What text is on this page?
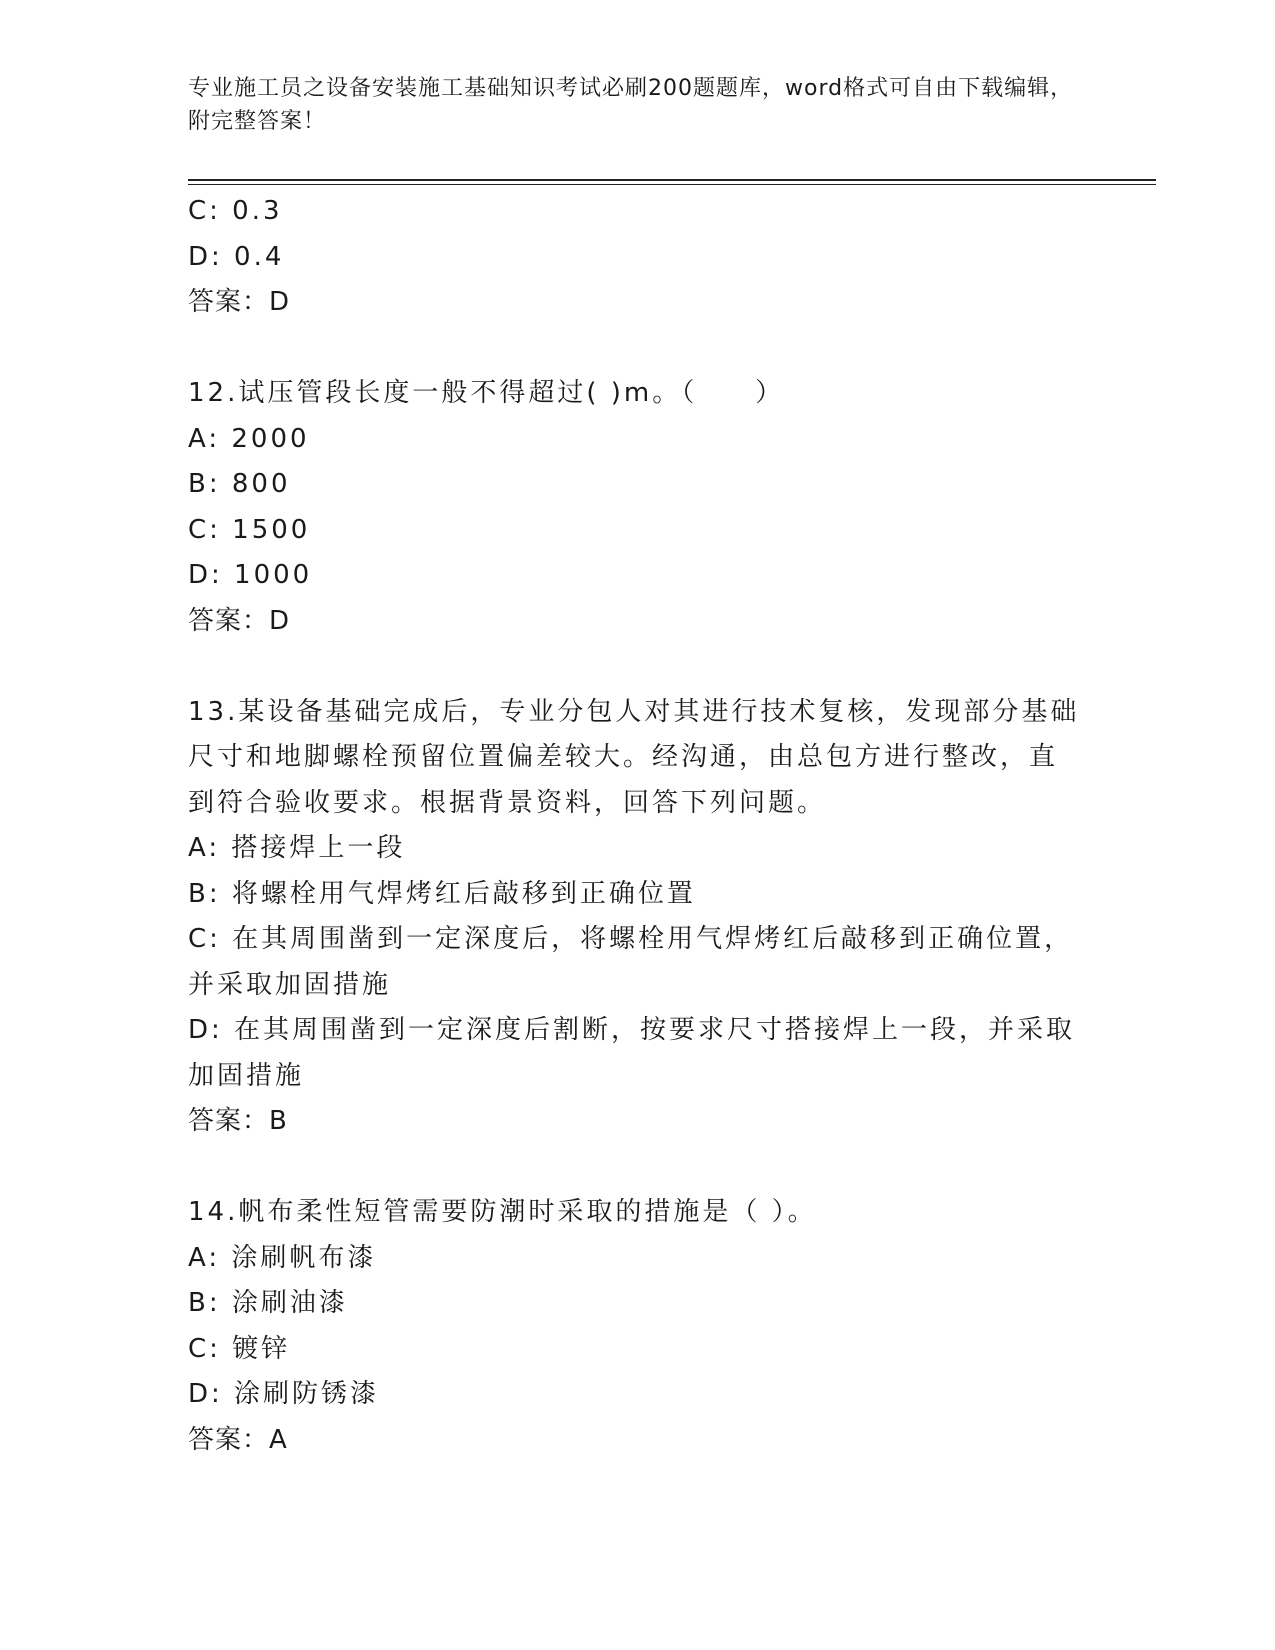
专业施工员之设备安装施工基础知识考试必刷200题题库，word格式可自由下载编辑，附完整答案！
C: 0.3
D: 0.4
答案：D
12.试压管段长度一般不得超过( )m。（　　）
A: 2000
B: 800
C: 1500
D: 1000
答案：D
13.某设备基础完成后，专业分包人对其进行技术复核，发现部分基础
尺寸和地脚螺栓预留位置偏差较大。经沟通，由总包方进行整改，直
到符合验收要求。根据背景资料，回答下列问题。
A: 搭接焊上一段
B: 将螺栓用气焊烤红后敲移到正确位置
C: 在其周围凿到一定深度后，将螺栓用气焊烤红后敲移到正确位置，
并采取加固措施
D: 在其周围凿到一定深度后割断，按要求尺寸搭接焊上一段，并采取
加固措施
答案：B
14.帆布柔性短管需要防潮时采取的措施是（ ）。
A: 涂刷帆布漆
B: 涂刷油漆
C: 镀锌
D: 涂刷防锈漆
答案：A
